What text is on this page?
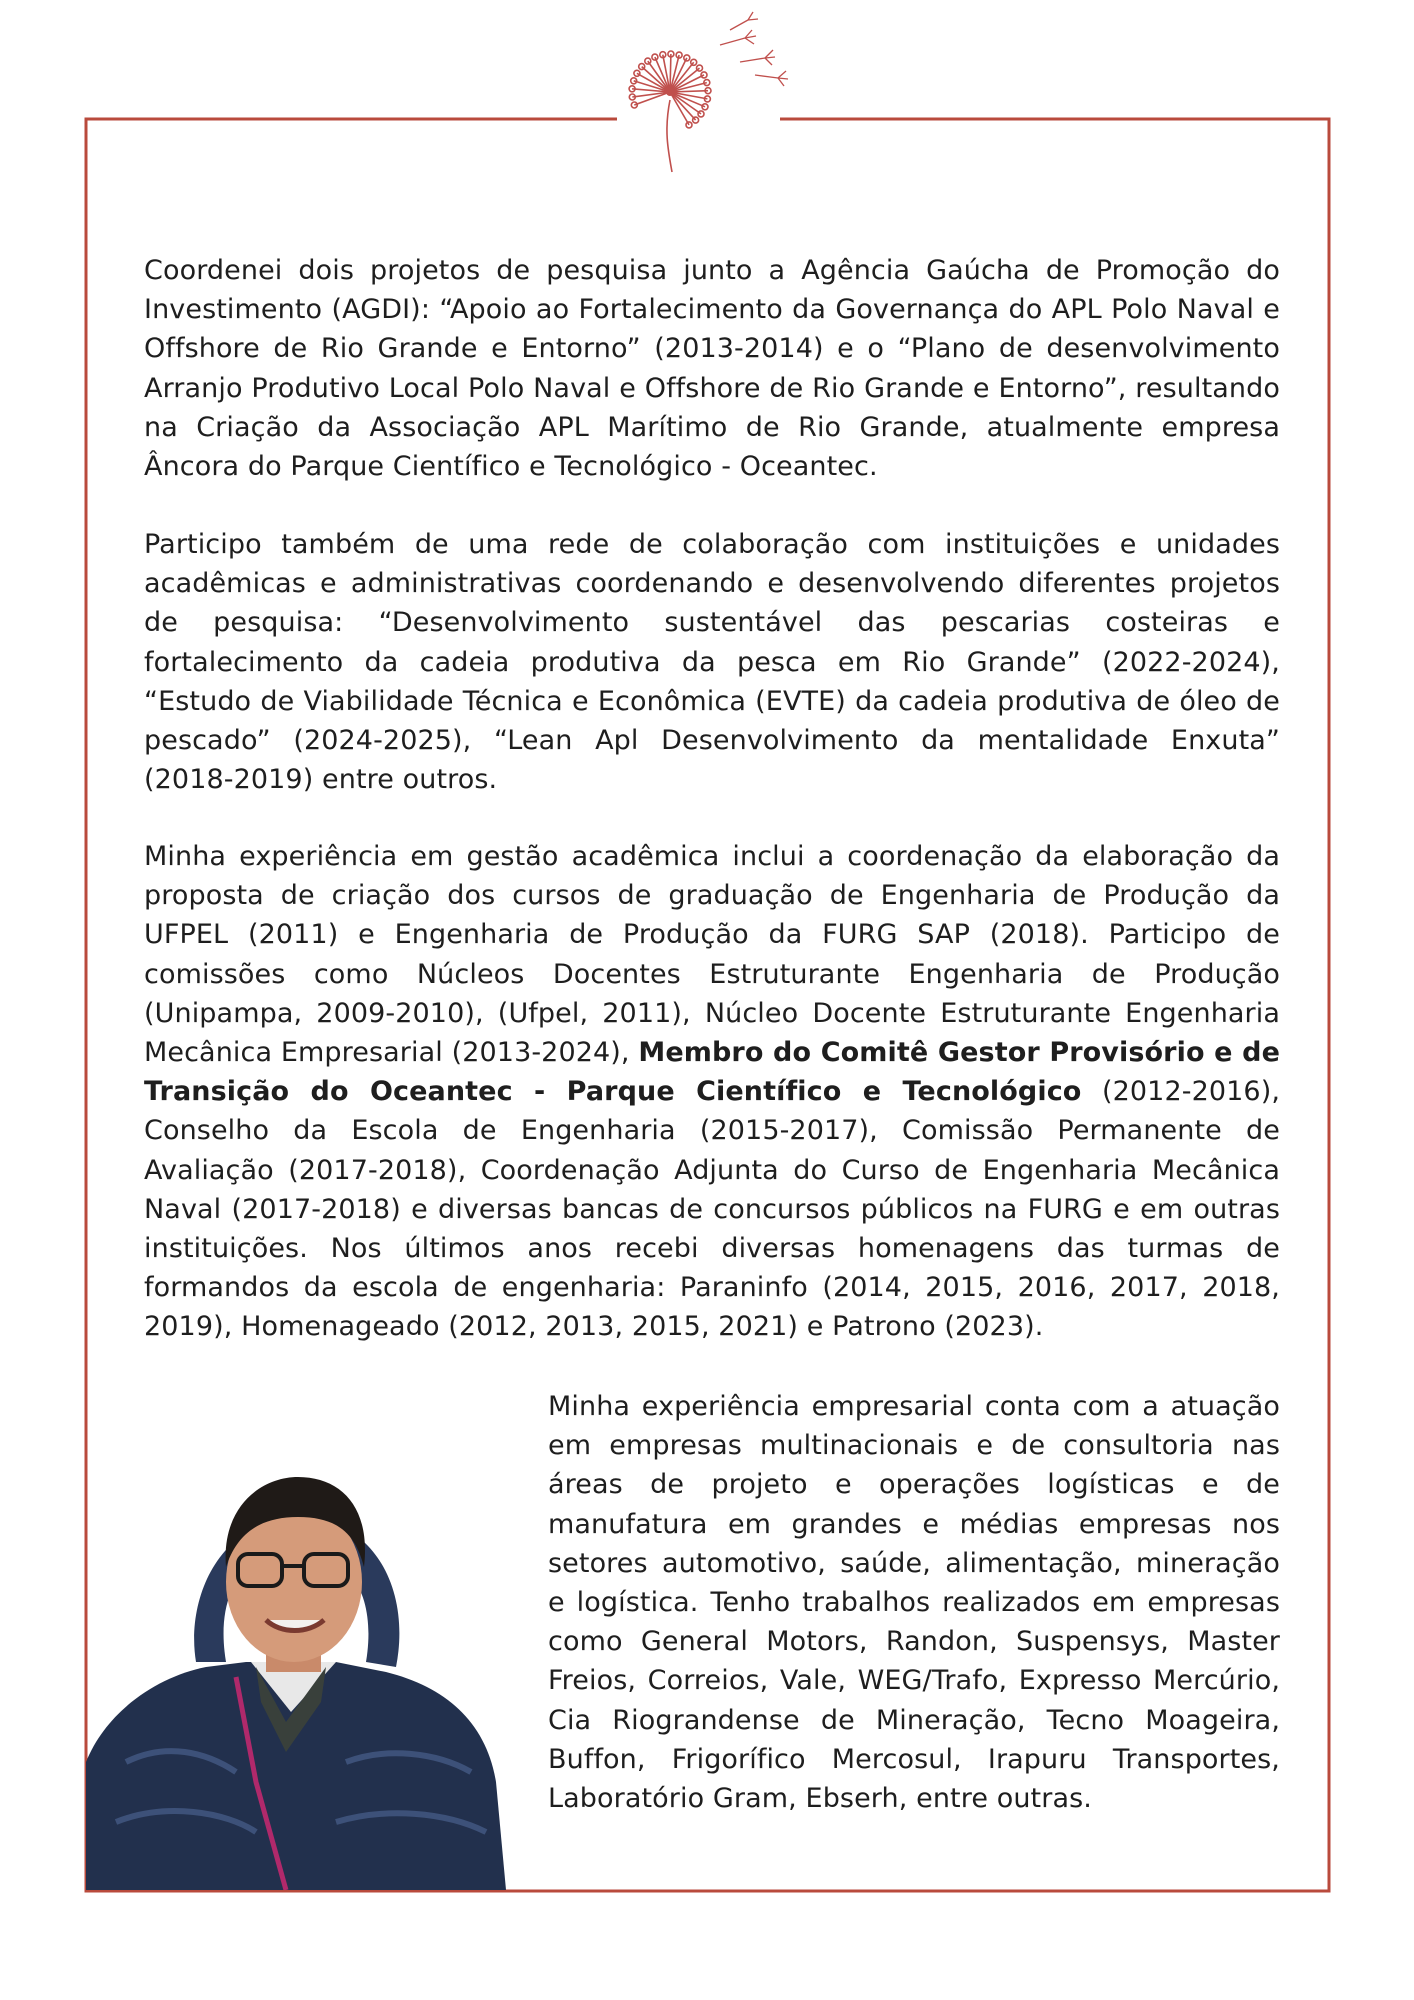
Coordenei dois projetos de pesquisa junto a Agência Gaúcha de Promoção do Investimento (AGDI): “Apoio ao Fortalecimento da Governança do APL Polo Naval e Offshore de Rio Grande e Entorno” (2013-2014) e o “Plano de desenvolvimento Arranjo Produtivo Local Polo Naval e Offshore de Rio Grande e Entorno”, resultando na Criação da Associação APL Marítimo de Rio Grande, atualmente empresa Âncora do Parque Científico e Tecnológico - Oceantec.

Participo também de uma rede de colaboração com instituições e unidades acadêmicas e administrativas coordenando e desenvolvendo diferentes projetos de pesquisa: “Desenvolvimento sustentável das pescarias costeiras e fortalecimento da cadeia produtiva da pesca em Rio Grande” (2022-2024), “Estudo de Viabilidade Técnica e Econômica (EVTE) da cadeia produtiva de óleo de pescado” (2024-2025), “Lean Apl Desenvolvimento da mentalidade Enxuta” (2018-2019) entre outros.

Minha experiência em gestão acadêmica inclui a coordenação da elaboração da proposta de criação dos cursos de graduação de Engenharia de Produção da UFPEL (2011) e Engenharia de Produção da FURG SAP (2018). Participo de comissões como Núcleos Docentes Estruturante Engenharia de Produção (Unipampa, 2009-2010), (Ufpel, 2011), Núcleo Docente Estruturante Engenharia Mecânica Empresarial (2013-2024), Membro do Comitê Gestor Provisório e de Transição do Oceantec - Parque Científico e Tecnológico (2012-2016), Conselho da Escola de Engenharia (2015-2017), Comissão Permanente de Avaliação (2017-2018), Coordenação Adjunta do Curso de Engenharia Mecânica Naval (2017-2018) e diversas bancas de concursos públicos na FURG e em outras instituições. Nos últimos anos recebi diversas homenagens das turmas de formandos da escola de engenharia: Paraninfo (2014, 2015, 2016, 2017, 2018, 2019), Homenageado (2012, 2013, 2015, 2021) e Patrono (2023).

Minha experiência empresarial conta com a atuação em empresas multinacionais e de consultoria nas áreas de projeto e operações logísticas e de manufatura em grandes e médias empresas nos setores automotivo, saúde, alimentação, mineração e logística. Tenho trabalhos realizados em empresas como General Motors, Randon, Suspensys, Master Freios, Correios, Vale, WEG/Trafo, Expresso Mercúrio, Cia Riograndense de Mineração, Tecno Moageira, Buffon, Frigorífico Mercosul, Irapuru Transportes, Laboratório Gram, Ebserh, entre outras.
